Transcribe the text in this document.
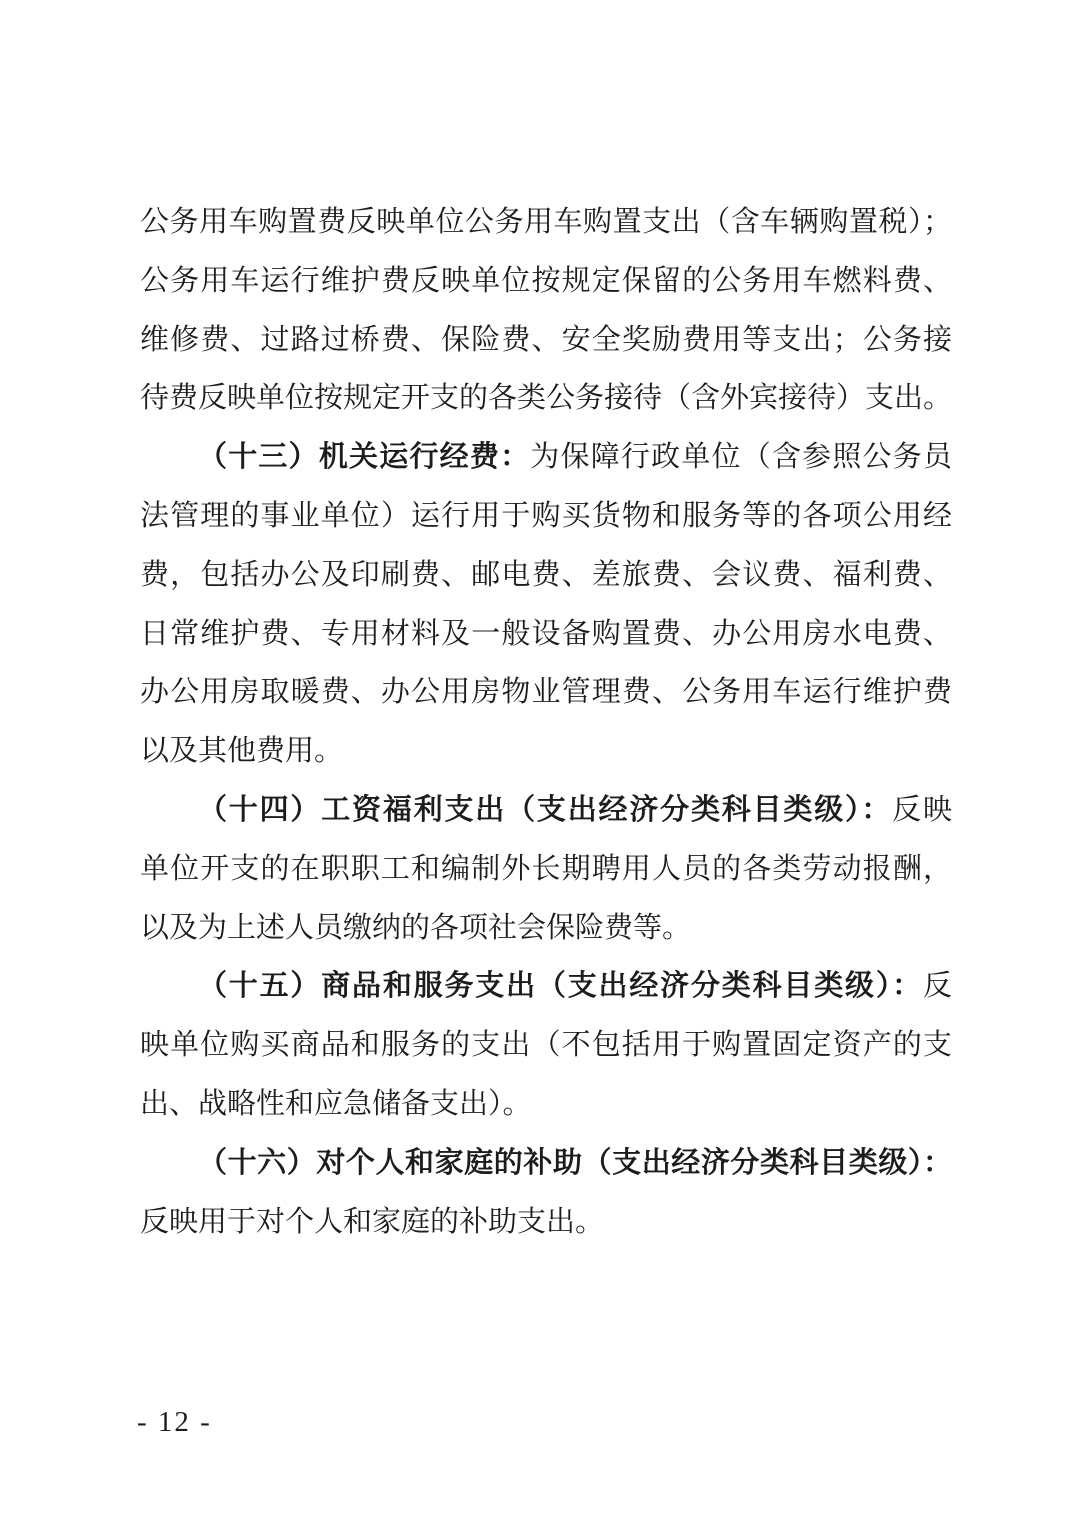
公务用车购置费反映单位公务用车购置支出（含车辆购置税）；
公务用车运行维护费反映单位按规定保留的公务用车燃料费、
维修费、过路过桥费、保险费、安全奖励费用等支出；公务接
待费反映单位按规定开支的各类公务接待（含外宾接待）支出。
（十三）机关运行经费：为保障行政单位（含参照公务员
法管理的事业单位）运行用于购买货物和服务等的各项公用经
费，包括办公及印刷费、邮电费、差旅费、会议费、福利费、
日常维护费、专用材料及一般设备购置费、办公用房水电费、
办公用房取暖费、办公用房物业管理费、公务用车运行维护费
以及其他费用。
（十四）工资福利支出（支出经济分类科目类级）：反映
单位开支的在职职工和编制外长期聘用人员的各类劳动报酬，
以及为上述人员缴纳的各项社会保险费等。
（十五）商品和服务支出（支出经济分类科目类级）：反
映单位购买商品和服务的支出（不包括用于购置固定资产的支
出、战略性和应急储备支出）。
（十六）对个人和家庭的补助（支出经济分类科目类级）：
反映用于对个人和家庭的补助支出。
- 12 -
